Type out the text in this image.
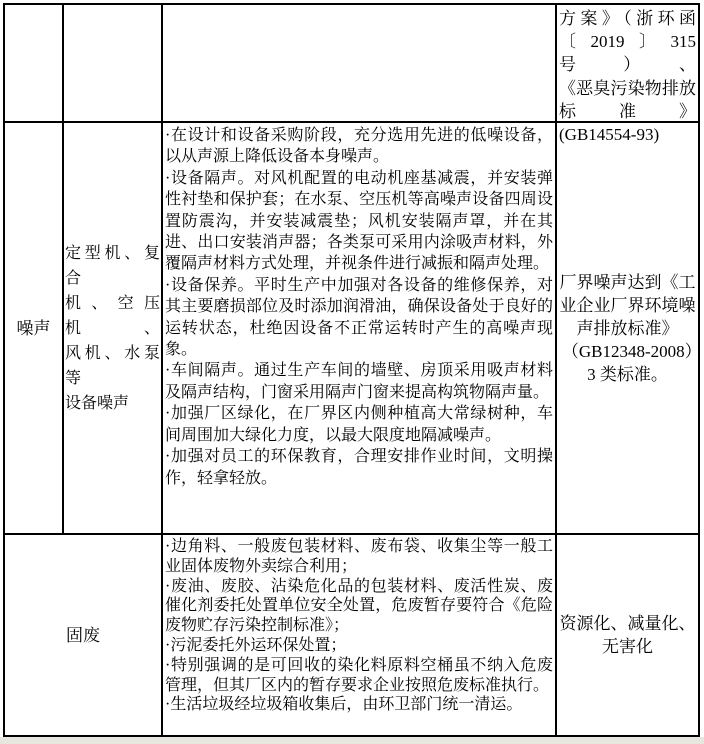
方案》（浙环函
〔2019〕315 号）、
《恶臭污染物排放
标准》
(GB14554-93)
噪声
定型机、复合
机、空压机、
风机、水泵等
设备噪声
·在设计和设备采购阶段，充分选用先进的低噪设备，以从声源上降低设备本身噪声。
·设备隔声。对风机配置的电动机座基减震，并安装弹性衬垫和保护套；在水泵、空压机等高噪声设备四周设置防震沟，并安装减震垫；风机安装隔声罩，并在其进、出口安装消声器；各类泵可采用内涂吸声材料，外覆隔声材料方式处理，并视条件进行减振和隔声处理。
·设备保养。平时生产中加强对各设备的维修保养，对其主要磨损部位及时添加润滑油，确保设备处于良好的运转状态，杜绝因设备不正常运转时产生的高噪声现象。
·车间隔声。通过生产车间的墙壁、房顶采用吸声材料及隔声结构，门窗采用隔声门窗来提高构筑物隔声量。
·加强厂区绿化，在厂界区内侧种植高大常绿树种，车间周围加大绿化力度，以最大限度地隔减噪声。
·加强对员工的环保教育，合理安排作业时间，文明操作，轻拿轻放。
厂界噪声达到《工业企业厂界环境噪声排放标准》（GB12348-2008）3 类标准。
固废
·边角料、一般废包装材料、废布袋、收集尘等一般工业固体废物外卖综合利用；
·废油、废胶、沾染危化品的包装材料、废活性炭、废催化剂委托处置单位安全处置，危废暂存要符合《危险废物贮存污染控制标准》；
·污泥委托外运环保处置；
·特别强调的是可回收的染化料原料空桶虽不纳入危废管理，但其厂区内的暂存要求企业按照危废标准执行。
·生活垃圾经垃圾箱收集后，由环卫部门统一清运。
资源化、减量化、无害化
